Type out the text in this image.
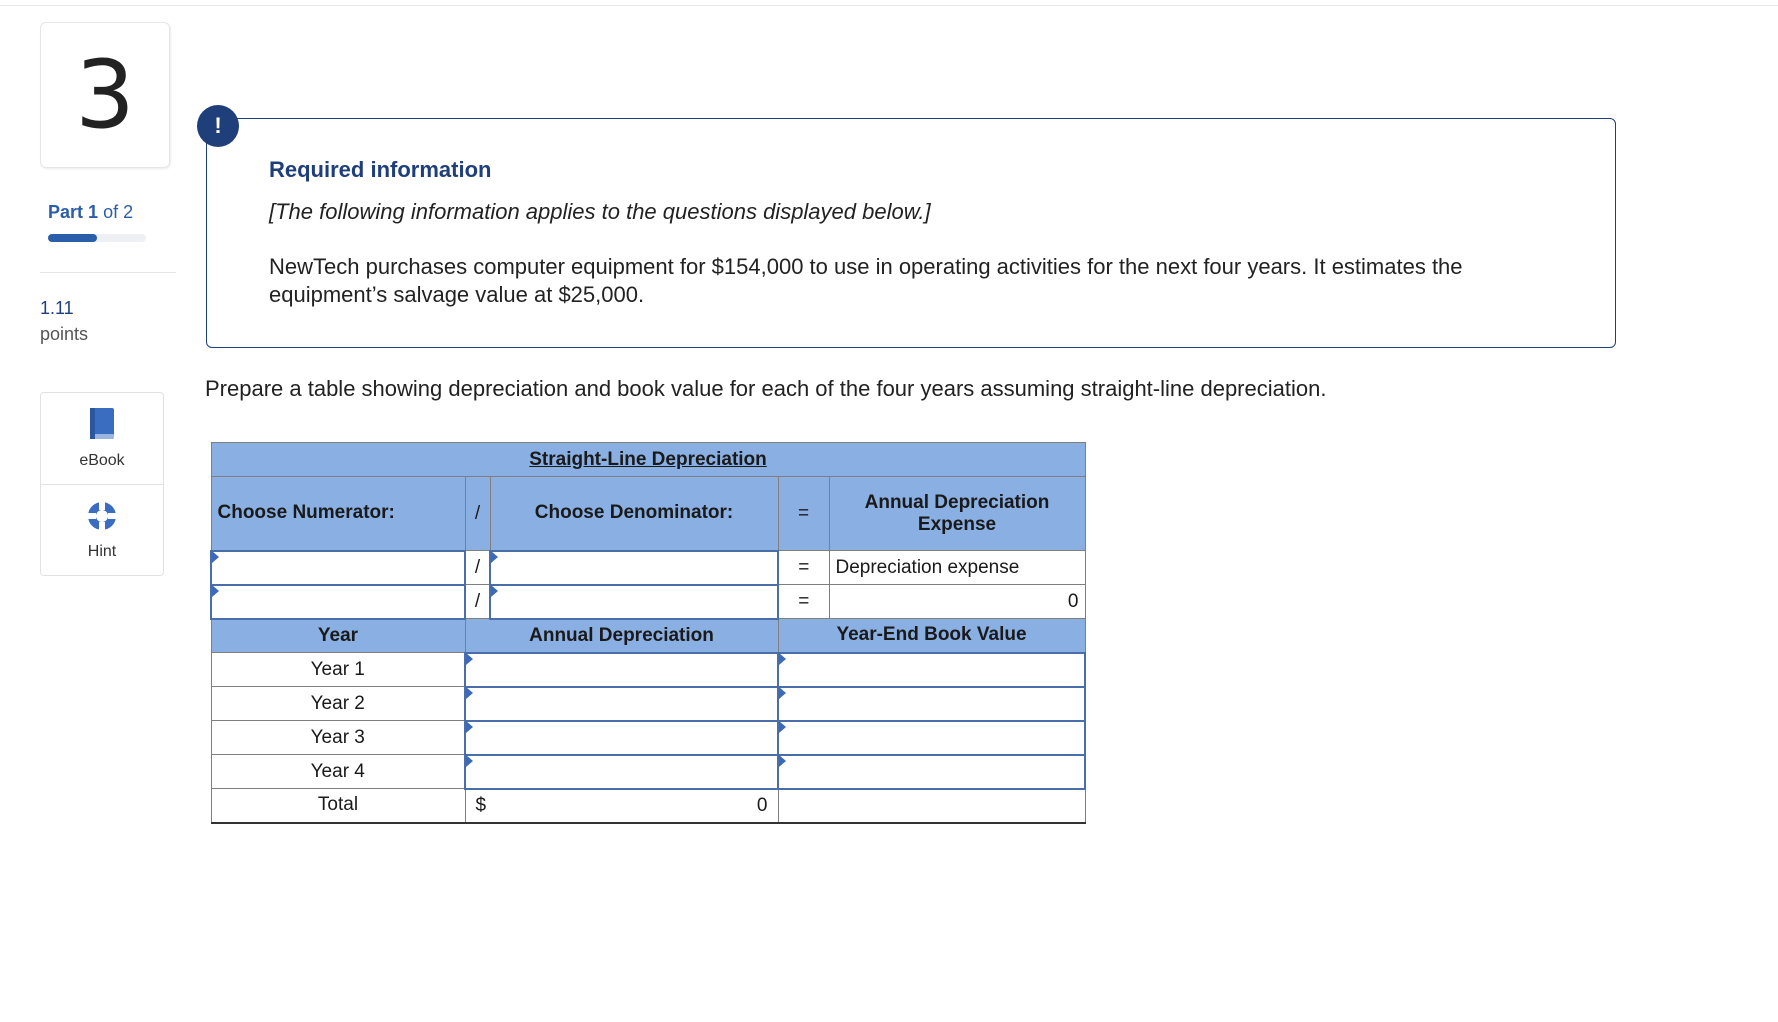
3
Part 1 of 2
1.11
points
eBook
Hint
!
Required information
[The following information applies to the questions displayed below.]
NewTech purchases computer equipment for $154,000 to use in operating activities for the next four years. It estimates the equipment’s salvage value at $25,000.
Prepare a table showing depreciation and book value for each of the four years assuming straight-line depreciation.
Straight-Line Depreciation				
Choose Numerator:	/	Choose Denominator:	=	Annual Depreciation Expense
	/		=	Depreciation expense
	/		=	0
Year	Annual Depreciation		Year-End Book Value	
Year 1				
Year 2				
Year 3				
Year 4				
Total	$ 0			
